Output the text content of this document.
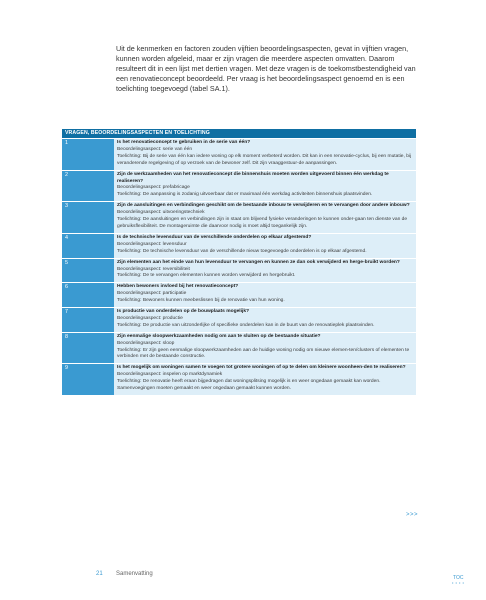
Uit de kenmerken en factoren zouden vijftien beoordelingsaspecten, gevat in vijftien vragen, kunnen worden afgeleid, maar er zijn vragen die meerdere aspecten omvatten. Daarom resulteert dit in een lijst met dertien vragen. Met deze vragen is de toekomstbestendigheid van een renovatieconcept beoordeeld. Per vraag is het beoordelingsaspect genoemd en is een toelichting toegevoegd (tabel SA.1).

VRAGEN, BEOORDELINGSASPECTEN EN TOELICHTING
1	Is het renovatieconcept te gebruiken in de serie van één?
Beoordelingsaspect: serie van één
Toelichting: Bij de serie van één kan iedere woning op elk moment verbeterd worden. Dit kan in een renovatie-cyclus, bij een mutatie, bij veranderende regelgeving of op verzoek van de bewoner zelf. Dit zijn vraaggestuur-de aanpassingen.
2	Zijn de werkzaamheden van het renovatieconcept die binnenshuis moeten worden uitgevoerd binnen één werkdag te realiseren?
Beoordelingsaspect: prefabricage
Toelichting: De aanpassing is zodanig uitvoerbaar dat er maximaal één werkdag activiteiten binnenshuis plaatsvinden.
3	Zijn de aansluitingen en verbindingen geschikt om de bestaande inbouw te verwijderen en te vervangen door andere inbouw?
Beoordelingsaspect: uitvoeringstechniek
Toelichting: De aansluitingen en verbindingen zijn in staat om blijvend fysieke veranderingen te kunnen onder-gaan ten dienste van de gebruiksflexibiliteit. De montageruimte die daarvoor nodig is moet altijd toegankelijk zijn.
4	Is de technische levensduur van de verschillende onderdelen op elkaar afgestemd?
Beoordelingsaspect: levensduur
Toelichting: De technische levensduur van de verschillende nieuw toegevoegde onderdelen is op elkaar afgestemd.
5	Zijn elementen aan het einde van hun levensduur te vervangen en kunnen ze dan ook verwijderd en herge-bruikt worden?
Beoordelingsaspect: reversibiliteit
Toelichting: De te vervangen elementen kunnen worden verwijderd en hergebruikt.
6	Hebben bewoners invloed bij het renovatieconcept?
Beoordelingsaspect: participatie
Toelichting: Bewoners kunnen meebeslissen bij de renovatie van hun woning.
7	Is productie van onderdelen op de bouwplaats mogelijk?
Beoordelingsaspect: productie
Toelichting: De productie van uitzonderlijke of specifieke onderdelen kan in de buurt van de renovatieplek plaatsvinden.
8	Zijn eenmalige sloopwerkzaamheden nodig om aan te sluiten op de bestaande situatie?
Beoordelingsaspect: sloop
Toelichting: Er zijn geen eenmalige sloopwerkzaamheden aan de huidige woning nodig om nieuwe elemen-ten/clusters of elementen te verbinden met de bestaande constructie.
9	Is het mogelijk om woningen samen te voegen tot grotere woningen of op te delen om kleinere woonheen-den te realiseren?
Beoordelingsaspect: inspelen op marktdynamiek
Toelichting: De renovatie heeft eraan bijgedragen dat woningsplitsing mogelijk is en weer ongedaan gemaakt kan worden. Samenvoegingen moeten gemaakt en weer ongedaan gemaakt kunnen worden.
>>>
21 Samenvatting
TOC
• • • •
